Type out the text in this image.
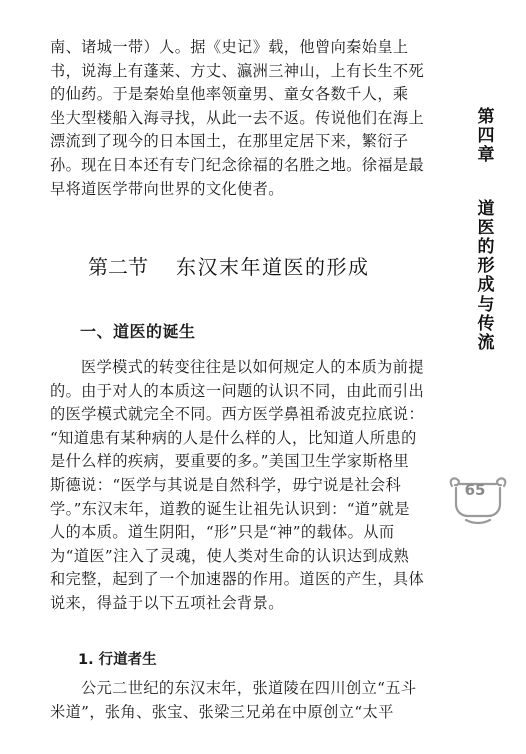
南、诸城一带）人。据《史记》载，他曾向秦始皇上
书，说海上有蓬莱、方丈、瀛洲三神山，上有长生不死
的仙药。于是秦始皇他率领童男、童女各数千人，乘
坐大型楼船入海寻找，从此一去不返。传说他们在海上
漂流到了现今的日本国土，在那里定居下来，繁衍子
孙。现在日本还有专门纪念徐福的名胜之地。徐福是最
早将道医学带向世界的文化使者。
第二节 东汉末年道医的形成
一、道医的诞生
医学模式的转变往往是以如何规定人的本质为前提
的。由于对人的本质这一问题的认识不同，由此而引出
的医学模式就完全不同。西方医学鼻祖希波克拉底说：
“知道患有某种病的人是什么样的人，比知道人所患的
是什么样的疾病，要重要的多。”美国卫生学家斯格里
斯德说：“医学与其说是自然科学，毋宁说是社会科
学。”东汉末年，道教的诞生让祖先认识到：“道”就是
人的本质。道生阴阳，“形”只是“神”的载体。从而
为“道医”注入了灵魂，使人类对生命的认识达到成熟
和完整，起到了一个加速器的作用。道医的产生，具体
说来，得益于以下五项社会背景。
1. 行道者生
公元二世纪的东汉末年，张道陵在四川创立“五斗
米道”，张角、张宝、张梁三兄弟在中原创立“太平
第
四
章
道
医
的
形
成
与
传
流
65
